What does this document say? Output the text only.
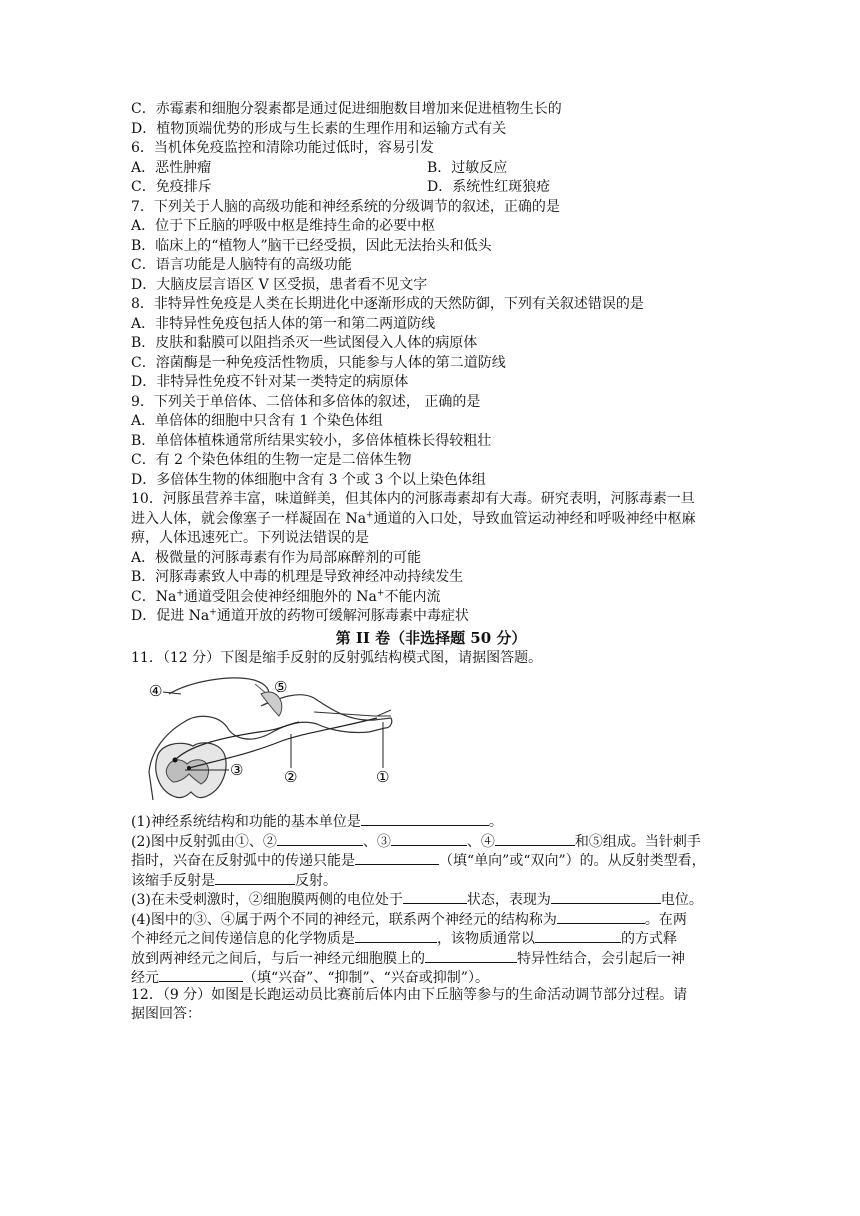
C．赤霉素和细胞分裂素都是通过促进细胞数目增加来促进植物生长的
D．植物顶端优势的形成与生长素的生理作用和运输方式有关
6．当机体免疫监控和清除功能过低时，容易引发
A．恶性肿瘤	B．过敏反应
C．免疫排斥	D．系统性红斑狼疮
7．下列关于人脑的高级功能和神经系统的分级调节的叙述，正确的是
A．位于下丘脑的呼吸中枢是维持生命的必要中枢
B．临床上的“植物人”脑干已经受损，因此无法抬头和低头
C．语言功能是人脑特有的高级功能
D．大脑皮层言语区 V 区受损，患者看不见文字
8．非特异性免疫是人类在长期进化中逐渐形成的天然防御，下列有关叙述错误的是
A．非特异性免疫包括人体的第一和第二两道防线
B．皮肤和黏膜可以阻挡杀灭一些试图侵入人体的病原体
C．溶菌酶是一种免疫活性物质，只能参与人体的第二道防线
D．非特异性免疫不针对某一类特定的病原体
9．下列关于单倍体、二倍体和多倍体的叙述， 正确的是
A．单倍体的细胞中只含有 1 个染色体组
B．单倍体植株通常所结果实较小，多倍体植株长得较粗壮
C．有 2 个染色体组的生物一定是二倍体生物
D．多倍体生物的体细胞中含有 3 个或 3 个以上染色体组
10．河豚虽营养丰富，味道鲜美，但其体内的河豚毒素却有大毒。研究表明，河豚毒素一旦
进入人体，就会像塞子一样凝固在 Na+通道的入口处，导致血管运动神经和呼吸神经中枢麻
痹，人体迅速死亡。下列说法错误的是
A．极微量的河豚毒素有作为局部麻醉剂的可能
B．河豚毒素致人中毒的机理是导致神经冲动持续发生
C．Na+通道受阻会使神经细胞外的 Na+不能内流
D．促进 Na+通道开放的药物可缓解河豚毒素中毒症状
第 II 卷（非选择题 50 分）
11．（12 分）下图是缩手反射的反射弧结构模式图，请据图答题。
④	⑤
③	②	①
(1)神经系统结构和功能的基本单位是	。
(2)图中反射弧由①、②	、③	、④	和⑤组成。当针刺手
指时，兴奋在反射弧中的传递只能是	（填“单向”或“双向”）的。从反射类型看，
该缩手反射是	反射。
(3)在未受刺激时，②细胞膜两侧的电位处于	状态，表现为	电位。
(4)图中的③、④属于两个不同的神经元，联系两个神经元的结构称为	。在两
个神经元之间传递信息的化学物质是	，该物质通常以	的方式释
放到两神经元之间后，与后一神经元细胞膜上的	特异性结合，会引起后一神
经元	（填“兴奋”、“抑制”、“兴奋或抑制”）。
12．（9 分）如图是长跑运动员比赛前后体内由下丘脑等参与的生命活动调节部分过程。请
据图回答：
